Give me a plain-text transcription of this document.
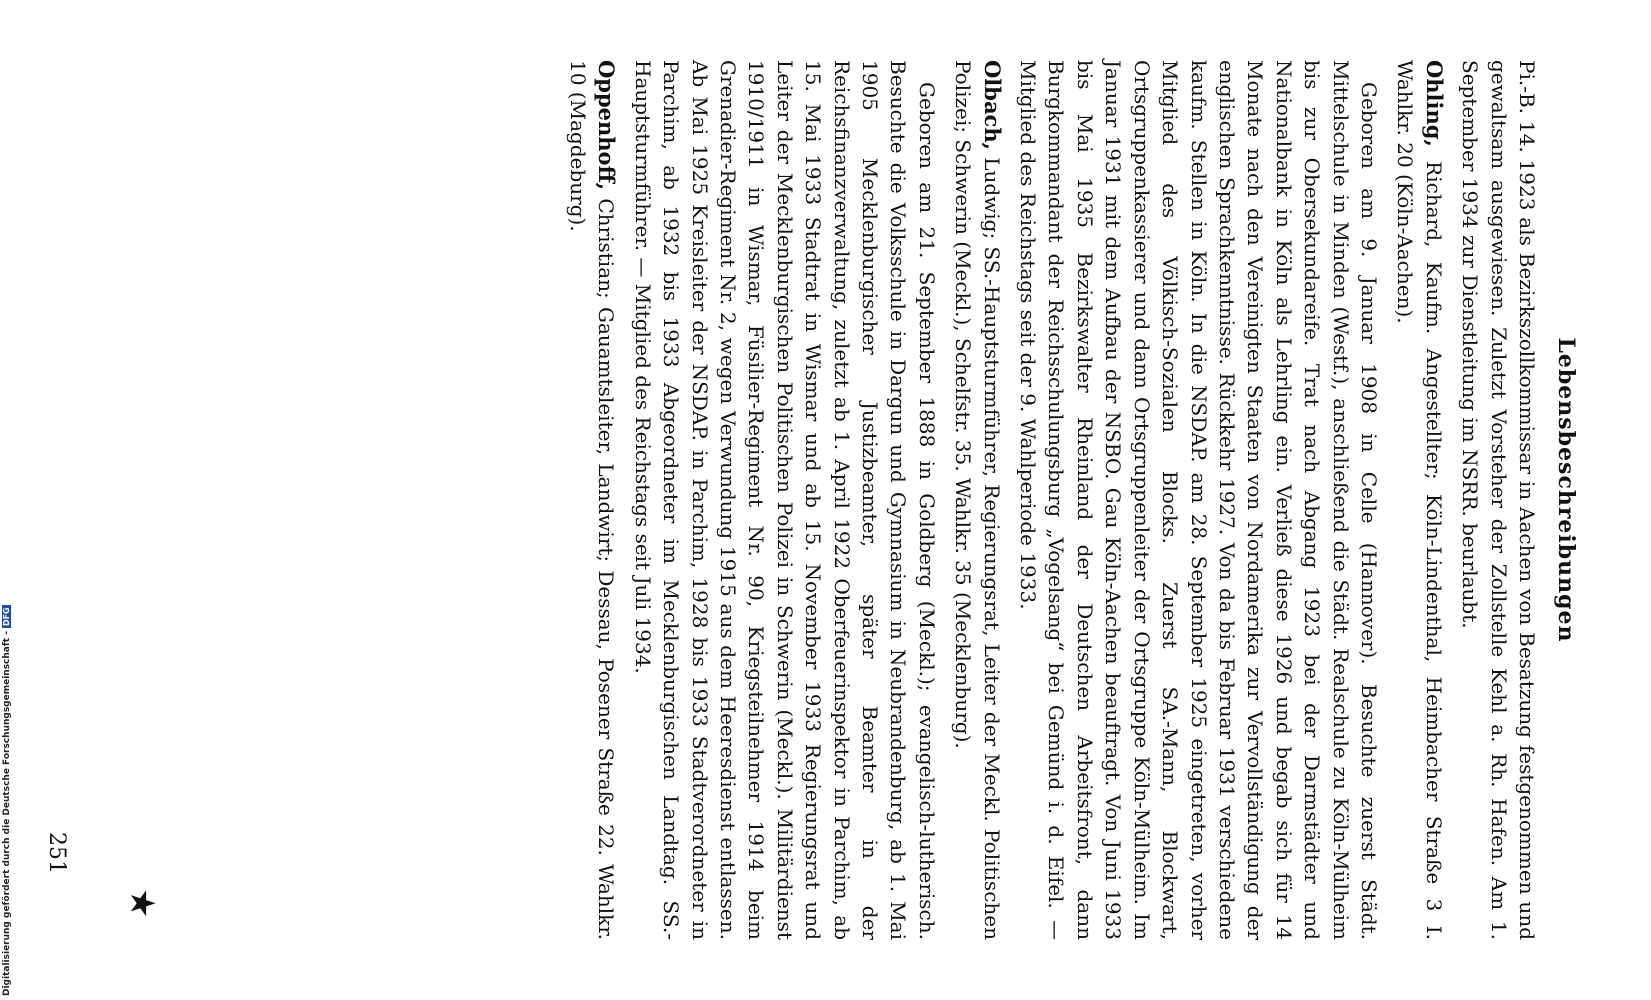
Lebensbeschreibungen

Pi.-B. 14. 1923 als Bezirkszollkommissar in Aachen von Besatzung festgenommen und gewaltsam ausgewiesen. Zuletzt Vorsteher der Zollstelle Kehl a. Rh. Hafen. Am 1. September 1934 zur Dienstleitung im NSRR. beurlaubt.

Ohling, Richard, Kaufm. Angestellter; Köln-Lindenthal, Heimbacher Straße 3 I. Wahlkr. 20 (Köln-Aachen).

Geboren am 9. Januar 1908 in Celle (Hannover). Besuchte zuerst Städt. Mittelschule in Minden (Westf.), anschließend die Städt. Realschule zu Köln-Mülheim bis zur Obersekundareife. Trat nach Abgang 1923 bei der Darmstädter und Nationalbank in Köln als Lehrling ein. Verließ diese 1926 und begab sich für 14 Monate nach den Vereinigten Staaten von Nordamerika zur Vervollständigung der englischen Sprachkenntnisse. Rückkehr 1927. Von da bis Februar 1931 verschiedene kaufm. Stellen in Köln. In die NSDAP. am 28. September 1925 eingetreten, vorher Mitglied des Völkisch-Sozialen Blocks. Zuerst SA.-Mann, Blockwart, Ortsgruppenkassierer und dann Ortsgruppenleiter der Ortsgruppe Köln-Mülheim. Im Januar 1931 mit dem Aufbau der NSBO. Gau Köln-Aachen beauftragt. Von Juni 1933 bis Mai 1935 Bezirkswalter Rheinland der Deutschen Arbeitsfront, dann Burgkommandant der Reichsschulungsburg „Vogelsang“ bei Gemünd i. d. Eifel. — Mitglied des Reichstags seit der 9. Wahlperiode 1933.

Olbach, Ludwig; SS.-Hauptsturmführer, Regierungsrat, Leiter der Meckl. Politischen Polizei; Schwerin (Meckl.), Schelfstr. 35. Wahlkr. 35 (Mecklenburg).

Geboren am 21. September 1888 in Goldberg (Meckl.); evangelisch-lutherisch. Besuchte die Volksschule in Dargun und Gymnasium in Neubrandenburg, ab 1. Mai 1905 Mecklenburgischer Justizbeamter, später Beamter in der Reichsfinanzverwaltung, zuletzt ab 1. April 1922 Oberfeuerinspektor in Parchim, ab 15. Mai 1933 Stadtrat in Wismar und ab 15. November 1933 Regierungsrat und Leiter der Mecklenburgischen Politischen Polizei in Schwerin (Meckl.). Militärdienst 1910/1911 in Wismar, Füsilier-Regiment Nr. 90, Kriegsteilnehmer 1914 beim Grenadier-Regiment Nr. 2, wegen Verwundung 1915 aus dem Heeresdienst entlassen. Ab Mai 1925 Kreisleiter der NSDAP. in Parchim, 1928 bis 1933 Stadtverordneter in Parchim, ab 1932 bis 1933 Abgeordneter im Mecklenburgischen Landtag. SS.-Hauptsturmführer. — Mitglied des Reichstags seit Juli 1934.

Oppenhoff, Christian; Gauamtsleiter, Landwirt; Dessau, Posener Straße 22. Wahlkr. 10 (Magdeburg).

★
251
Digitalisierung gefördert durch die Deutsche Forschungsgemeinschaft -DFG
